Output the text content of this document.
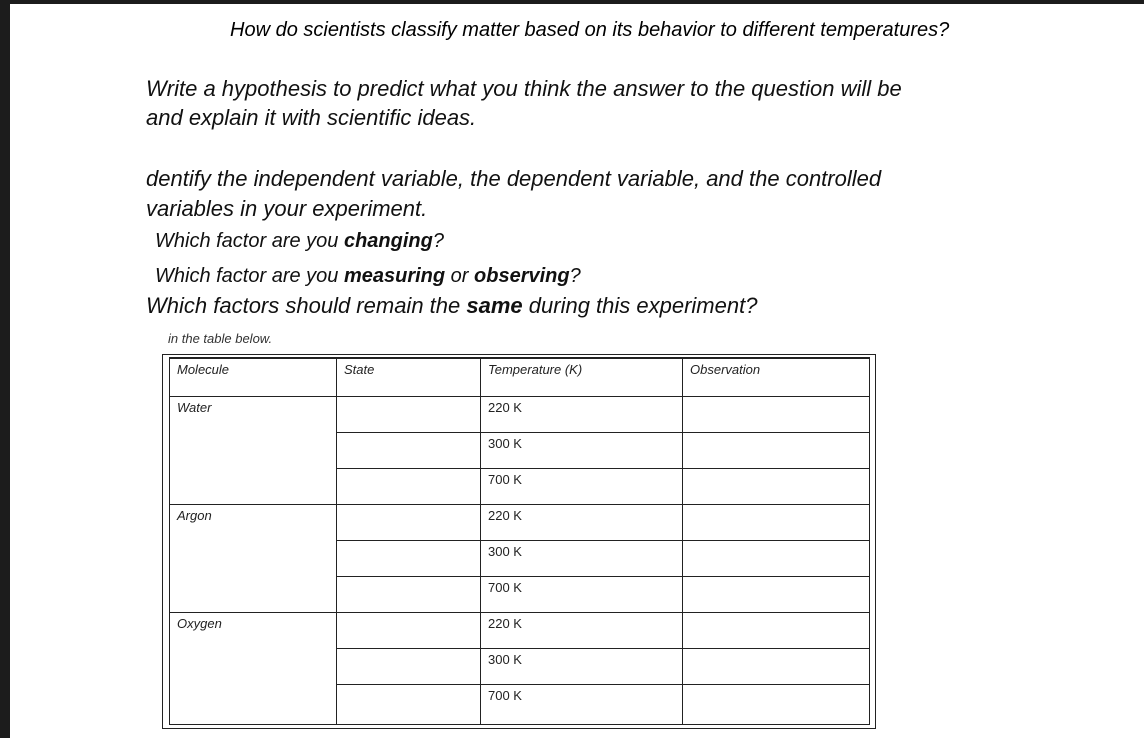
How do scientists classify matter based on its behavior to different temperatures?
Write a hypothesis to predict what you think the answer to the question will be
and explain it with scientific ideas.
dentify the independent variable, the dependent variable, and the controlled
variables in your experiment.
Which factor are you changing?
Which factor are you measuring or observing?
Which factors should remain the same during this experiment?
in the table below.
Molecule	State	Temperature (K)	Observation
Water		220 K	
		300 K	
		700 K	
Argon		220 K	
		300 K	
		700 K	
Oxygen		220 K	
		300 K	
		700 K	
